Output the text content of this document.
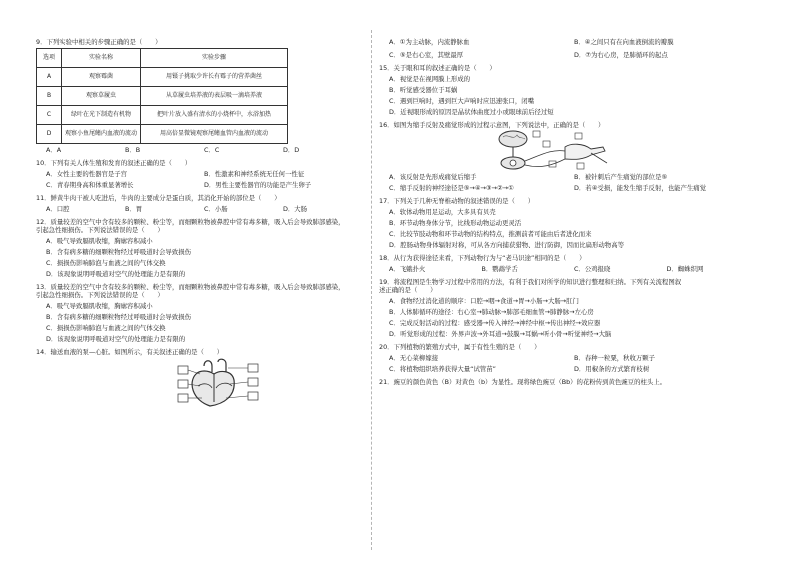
9．下列实验中相关的步骤正确的是（　　）

选项	实验名称	实验步骤
A	观察霉菌	用镊子挑取少许长有霉子的营养菌丝
B	观察草履虫	从草履虫培养液的表层吸一滴培养液
C	绿叶在光下制造有机物	把叶片放入盛有清水的小烧杯中，水浴加热
D	观察小鱼尾鳍内血液的流动	用高倍显微镜观察尾鳍血管内血液的流动
A．A	B．B	C．C	D．D

10．下列有关人体生殖和发育的叙述正确的是（　　）

A．女性主要的性器官是子宫	B．性激素和神经系统无任何一性征
C．青春期身高和体重显著增长	D．男性主要性器官的功能是产生卵子

11．鲜黄牛肉干被人吃进后，牛肉的主要成分是蛋白质，其消化开始的部位是（　　）

A．口腔	B．胃	C．小肠	D．大肠

12．质量较差的空气中含有较多的颗粒、粉尘等，而细颗粒物被鼻腔中常有毒多糖，吸入后会导致肺部感染，

引起急性细损伤。下列说法错误的是（　　）

A．吸气导致膈肌收缩，胸廓容积减小
B．含有病多糖的细颗粒物经过呼吸道时会导致损伤
C．损损伤影响肺泡与血液之间的气体交换
D．该现象说明呼吸道对空气的处理能力是有限的

13．质量较差的空气中含有较多的颗粒、粉尘等，而细颗粒物被鼻腔中常有毒多糖，吸入后会导致肺部感染，

引起急性细损伤。下列说法错误的是（　　）

A．吸气导致膈肌收缩，胸廓容积减小
B．含有病多糖的细颗粒物经过呼吸道时会导致损伤
C．损损伤影响肺泡与血液之间的气体交换
D．该现象说明呼吸道对空气的处理能力是有限的

14．输送血液的泵—心脏。如图所示，有关叙述正确的是（　　）

A．①为主动脉，内流静脉血	B．④之间只有在向血液倒流的瓣膜
C．⑤是右心室，其壁最厚	D．⑦为右心房，是肺循环的起点

15．关于眼和耳的叙述正确的是（　　）

A．视觉是在视网膜上形成的
B．听觉感受器位于耳蜗
C．遇到巨响时，遇到巨大声响时应迅速张口，闭嘴
D．近视眼形成的原因是晶状体曲度过小或眼球前后径过短

16．如图为缩手反射及痛觉形成的过程示意图，下列说法中，正确的是（　　）

A．该反射是先形成痛觉后缩手	B．被针刺后产生痛觉的部位是⑤
C．缩手反射的神经途径是⑤→④→③→②→①	D．若④受损，能发生缩手反射，也能产生痛觉

17．下列关于几种无脊椎动物的叙述错误的是（　　）

A．软体动物用足运动，大多具有贝壳
B．环节动物身体分节，比线形动物运动更灵活
C．比较节肢动物和环节动物的结构特点，推测前者可能由后者进化而来
D．腔肠动物身体辐射对称，可从各方向捕获猎物、进行防御，因而比扁形动物高等

18．从行为获得途径来看，下列动物行为与“老马识途”相同的是（　　）

A．飞蛾扑火	B．鹦鹉学舌	C．公鸡报晓	D．蜘蛛织网

19．将流程图是生物学习过程中常用的方法，有利于我们对所学的知识进行整理和归纳。下列有关流程图叙

述正确的是（　　）

A．食物经过消化道的顺序：口腔→咽→食道→胃→小肠→大肠→肛门
B．人体肺循环的途径：右心室→肺动脉→肺部毛细血管→肺静脉→左心房
C．完成反射活动的过程：感受器→传入神经→神经中枢→传出神经→效应器
D．听觉形成的过程：外界声波→外耳道→鼓膜→耳蜗→听小骨→听觉神经→大脑

20．下列植物的繁殖方式中，属于有性生殖的是（　　）

A．无心菜柳嫁接	B．春种一粒粟，秋收万颗子
C．将植物组织培养获得大量“试管苗”	D．用椒条的方式繁育枝树

21．豌豆的颜色黄色（B）对黄色（b）为显性。现将绿色豌豆（Bb）的花粉传到黄色豌豆的柱头上。
